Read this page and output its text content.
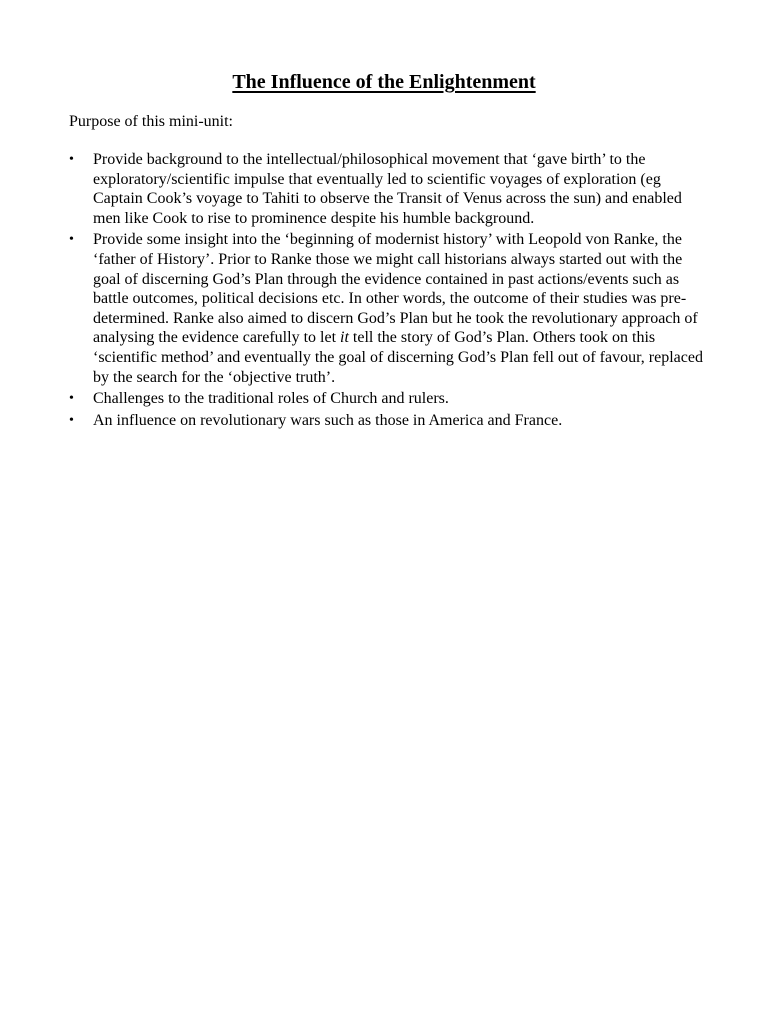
The Influence of the Enlightenment

Purpose of this mini-unit:

•	Provide background to the intellectual/philosophical movement that ‘gave birth’ to the exploratory/scientific impulse that eventually led to scientific voyages of exploration (eg Captain Cook’s voyage to Tahiti to observe the Transit of Venus across the sun) and enabled men like Cook to rise to prominence despite his humble background.
•	Provide some insight into the ‘beginning of modernist history’ with Leopold von Ranke, the ‘father of History’. Prior to Ranke those we might call historians always started out with the goal of discerning God’s Plan through the evidence contained in past actions/events such as battle outcomes, political decisions etc. In other words, the outcome of their studies was pre-determined. Ranke also aimed to discern God’s Plan but he took the revolutionary approach of analysing the evidence carefully to let it tell the story of God’s Plan. Others took on this ‘scientific method’ and eventually the goal of discerning God’s Plan fell out of favour, replaced by the search for the ‘objective truth’.
•	Challenges to the traditional roles of Church and rulers.
•	An influence on revolutionary wars such as those in America and France.
